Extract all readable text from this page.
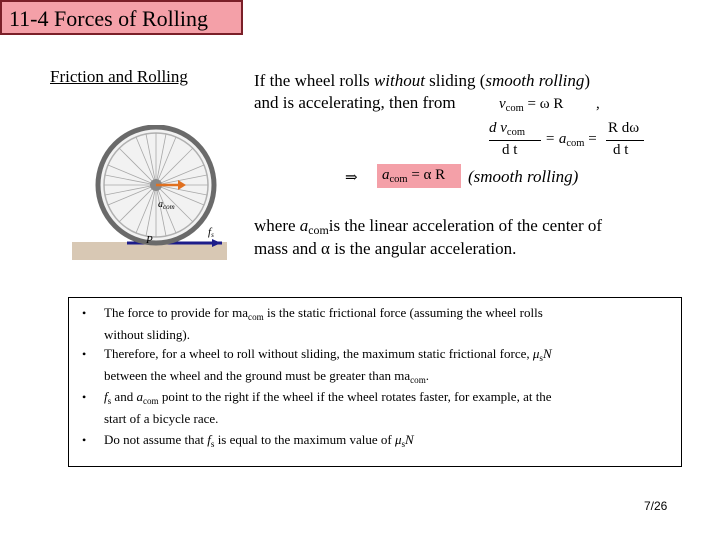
11-4 Forces of Rolling
Friction and Rolling	If the wheel rolls without sliding (smooth rolling)
and is accelerating, then from	$v_{com} = \omega$ R ,
d $v_{com}$
d t
= $a_{com}$ =
R dω
d t
⇒ $a_{com} = \alpha$ R (smooth rolling)
where $a_{com}is$ the linear acceleration of the center of
mass and α is the angular acceleration.
$a_{com}$
fs
P
• The force to provide for $ma_{com}$ is the static frictional force (assuming the wheel rolls
without sliding).
• Therefore, for a wheel to roll without sliding, the maximum static frictional force, $\mu_sN$
between the wheel and the ground must be greater than $ma_{com}$.
• $f_s$ and $a_{com}$ point to the right if the wheel if the wheel rotates faster, for example, at the
start of a bicycle race.
• Do not assume that $f_s$ is equal to the maximum value of $\mu_sN$
7/26
